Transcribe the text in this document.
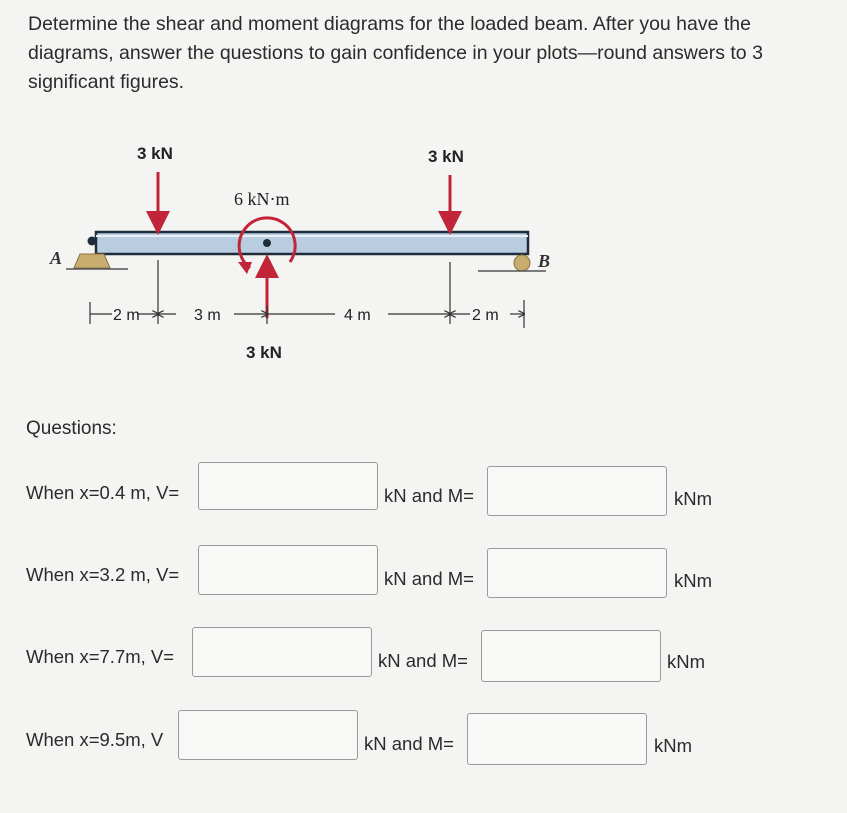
Determine the shear and moment diagrams for the loaded beam. After you have the diagrams, answer the questions to gain confidence in your plots—round answers to 3 significant figures.
A	B
3 kN	3 kN
6 kN·m
3 kN
2 m	3 m	4 m	2 m
Questions:
When x=0.4 m, V=	kN and M=	kNm
When x=3.2 m, V=	kN and M=	kNm
When x=7.7m, V=	kN and M=	kNm
When x=9.5m, V	kN and M=	kNm
